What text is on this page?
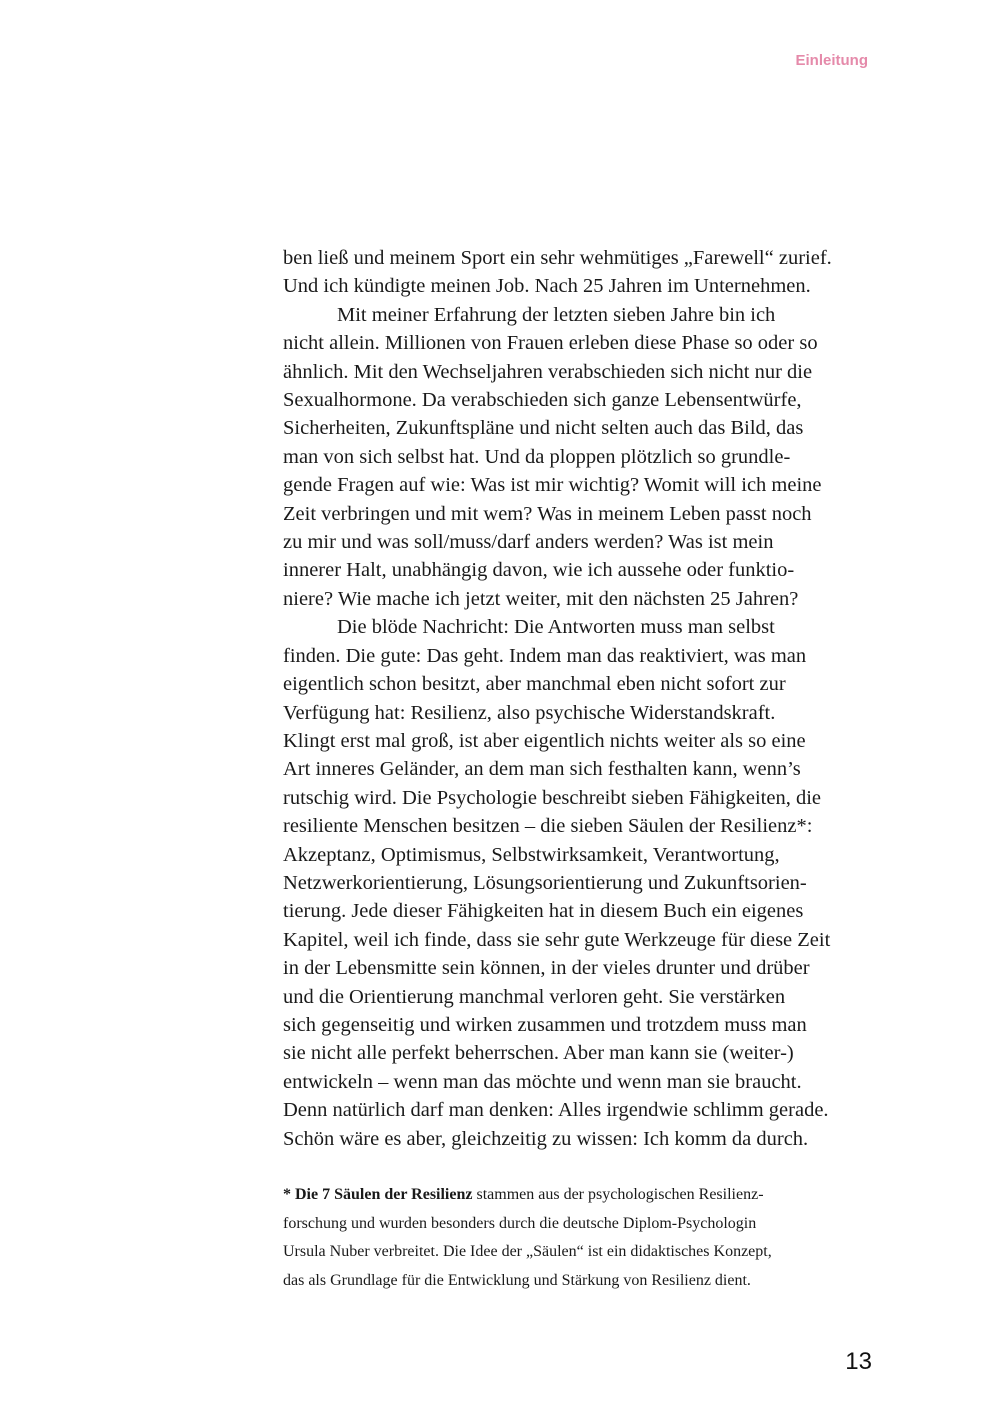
Einleitung
ben ließ und meinem Sport ein sehr wehmütiges „Farewell“ zurief.
Und ich kündigte meinen Job. Nach 25 Jahren im Unternehmen.
Mit meiner Erfahrung der letzten sieben Jahre bin ich
nicht allein. Millionen von Frauen erleben diese Phase so oder so
ähnlich. Mit den Wechseljahren verabschieden sich nicht nur die
Sexualhormone. Da verabschieden sich ganze Lebensentwürfe,
Sicherheiten, Zukunftspläne und nicht selten auch das Bild, das
man von sich selbst hat. Und da ploppen plötzlich so grundle-
gende Fragen auf wie: Was ist mir wichtig? Womit will ich meine
Zeit verbringen und mit wem? Was in meinem Leben passt noch
zu mir und was soll/muss/darf anders werden? Was ist mein
innerer Halt, unabhängig davon, wie ich aussehe oder funktio-
niere? Wie mache ich jetzt weiter, mit den nächsten 25 Jahren?
Die blöde Nachricht: Die Antworten muss man selbst
finden. Die gute: Das geht. Indem man das reaktiviert, was man
eigentlich schon besitzt, aber manchmal eben nicht sofort zur
Verfügung hat: Resilienz, also psychische Widerstandskraft.
Klingt erst mal groß, ist aber eigentlich nichts weiter als so eine
Art inneres Geländer, an dem man sich festhalten kann, wenn’s
rutschig wird. Die Psychologie beschreibt sieben Fähigkeiten, die
resiliente Menschen besitzen – die sieben Säulen der Resilienz*:
Akzeptanz, Optimismus, Selbstwirksamkeit, Verantwortung,
Netzwerkorientierung, Lösungsorientierung und Zukunftsorien-
tierung. Jede dieser Fähigkeiten hat in diesem Buch ein eigenes
Kapitel, weil ich finde, dass sie sehr gute Werkzeuge für diese Zeit
in der Lebensmitte sein können, in der vieles drunter und drüber
und die Orientierung manchmal verloren geht. Sie verstärken
sich gegenseitig und wirken zusammen und trotzdem muss man
sie nicht alle perfekt beherrschen. Aber man kann sie (weiter-)
entwickeln – wenn man das möchte und wenn man sie braucht.
Denn natürlich darf man denken: Alles irgendwie schlimm gerade.
Schön wäre es aber, gleichzeitig zu wissen: Ich komm da durch.
* Die 7 Säulen der Resilienz stammen aus der psychologischen Resilienz-
forschung und wurden besonders durch die deutsche Diplom-Psychologin
Ursula Nuber verbreitet. Die Idee der „Säulen“ ist ein didaktisches Konzept,
das als Grundlage für die Entwicklung und Stärkung von Resilienz dient.
13
